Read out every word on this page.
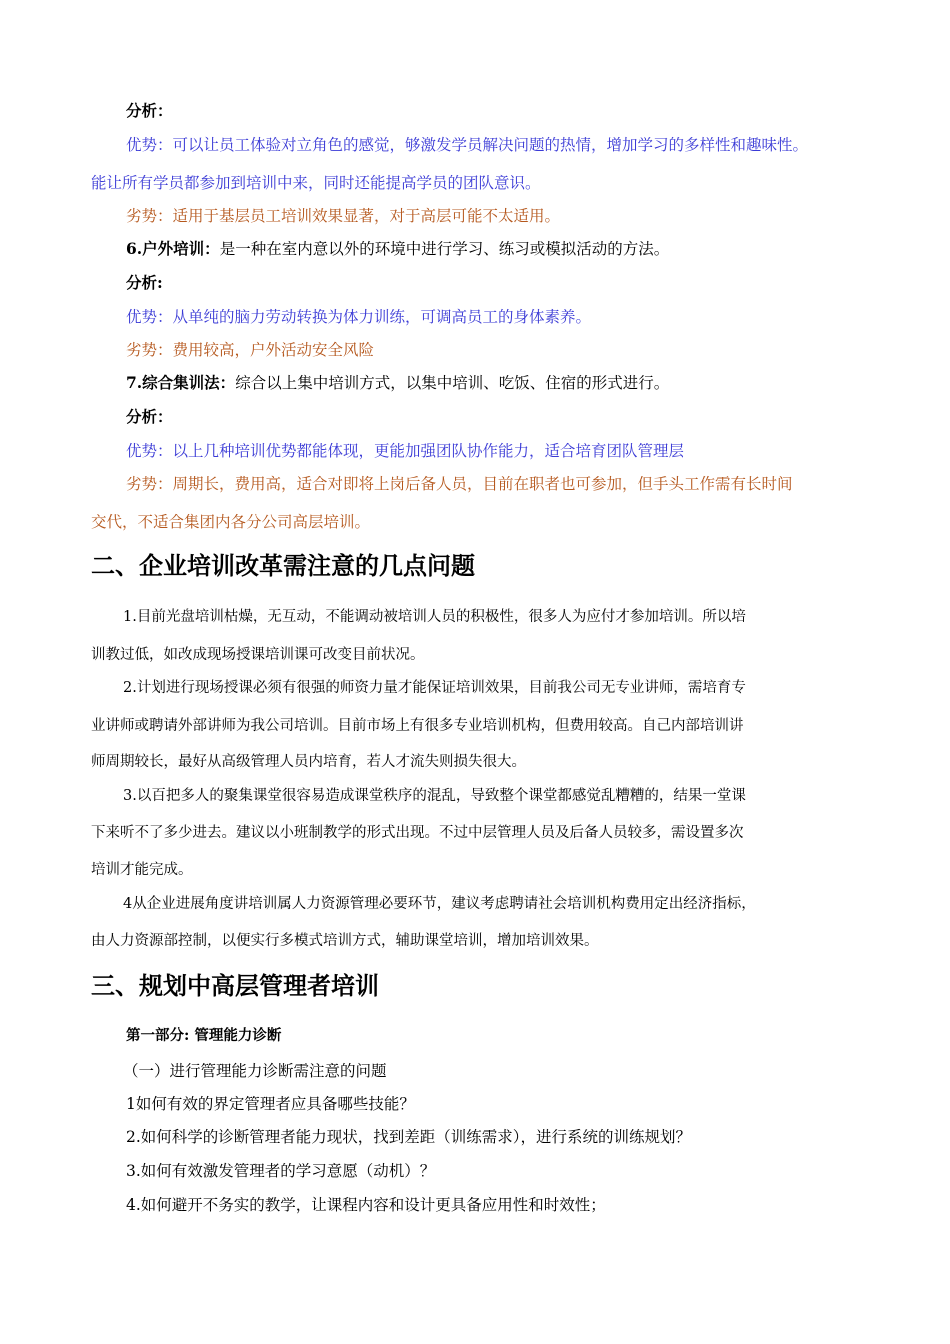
分析：
优势：可以让员工体验对立角色的感觉，够激发学员解决问题的热情，增加学习的多样性和趣味性。
能让所有学员都参加到培训中来，同时还能提高学员的团队意识。
劣势：适用于基层员工培训效果显著，对于高层可能不太适用。
6.户外培训：是一种在室内意以外的环境中进行学习、练习或模拟活动的方法。
分析:
优势：从单纯的脑力劳动转换为体力训练，可调高员工的身体素养。
劣势：费用较高，户外活动安全风险
7.综合集训法：综合以上集中培训方式，以集中培训、吃饭、住宿的形式进行。
分析：
优势：以上几种培训优势都能体现，更能加强团队协作能力，适合培育团队管理层
劣势：周期长，费用高，适合对即将上岗后备人员，目前在职者也可参加，但手头工作需有长时间
交代，不适合集团内各分公司高层培训。
二、企业培训改革需注意的几点问题
1.目前光盘培训枯燥，无互动，不能调动被培训人员的积极性，很多人为应付才参加培训。所以培
训教过低，如改成现场授课培训课可改变目前状况。
2.计划进行现场授课必须有很强的师资力量才能保证培训效果，目前我公司无专业讲师，需培育专
业讲师或聘请外部讲师为我公司培训。目前市场上有很多专业培训机构，但费用较高。自己内部培训讲
师周期较长，最好从高级管理人员内培育，若人才流失则损失很大。
3.以百把多人的聚集课堂很容易造成课堂秩序的混乱，导致整个课堂都感觉乱糟糟的，结果一堂课
下来听不了多少进去。建议以小班制教学的形式出现。不过中层管理人员及后备人员较多，需设置多次
培训才能完成。
4从企业进展角度讲培训属人力资源管理必要环节，建议考虑聘请社会培训机构费用定出经济指标，
由人力资源部控制，以便实行多模式培训方式，辅助课堂培训，增加培训效果。
三、规划中高层管理者培训
第一部分: 管理能力诊断
（一）进行管理能力诊断需注意的问题
1如何有效的界定管理者应具备哪些技能？
2.如何科学的诊断管理者能力现状，找到差距（训练需求），进行系统的训练规划？
3.如何有效激发管理者的学习意愿（动机）？
4.如何避开不务实的教学，让课程内容和设计更具备应用性和时效性；
